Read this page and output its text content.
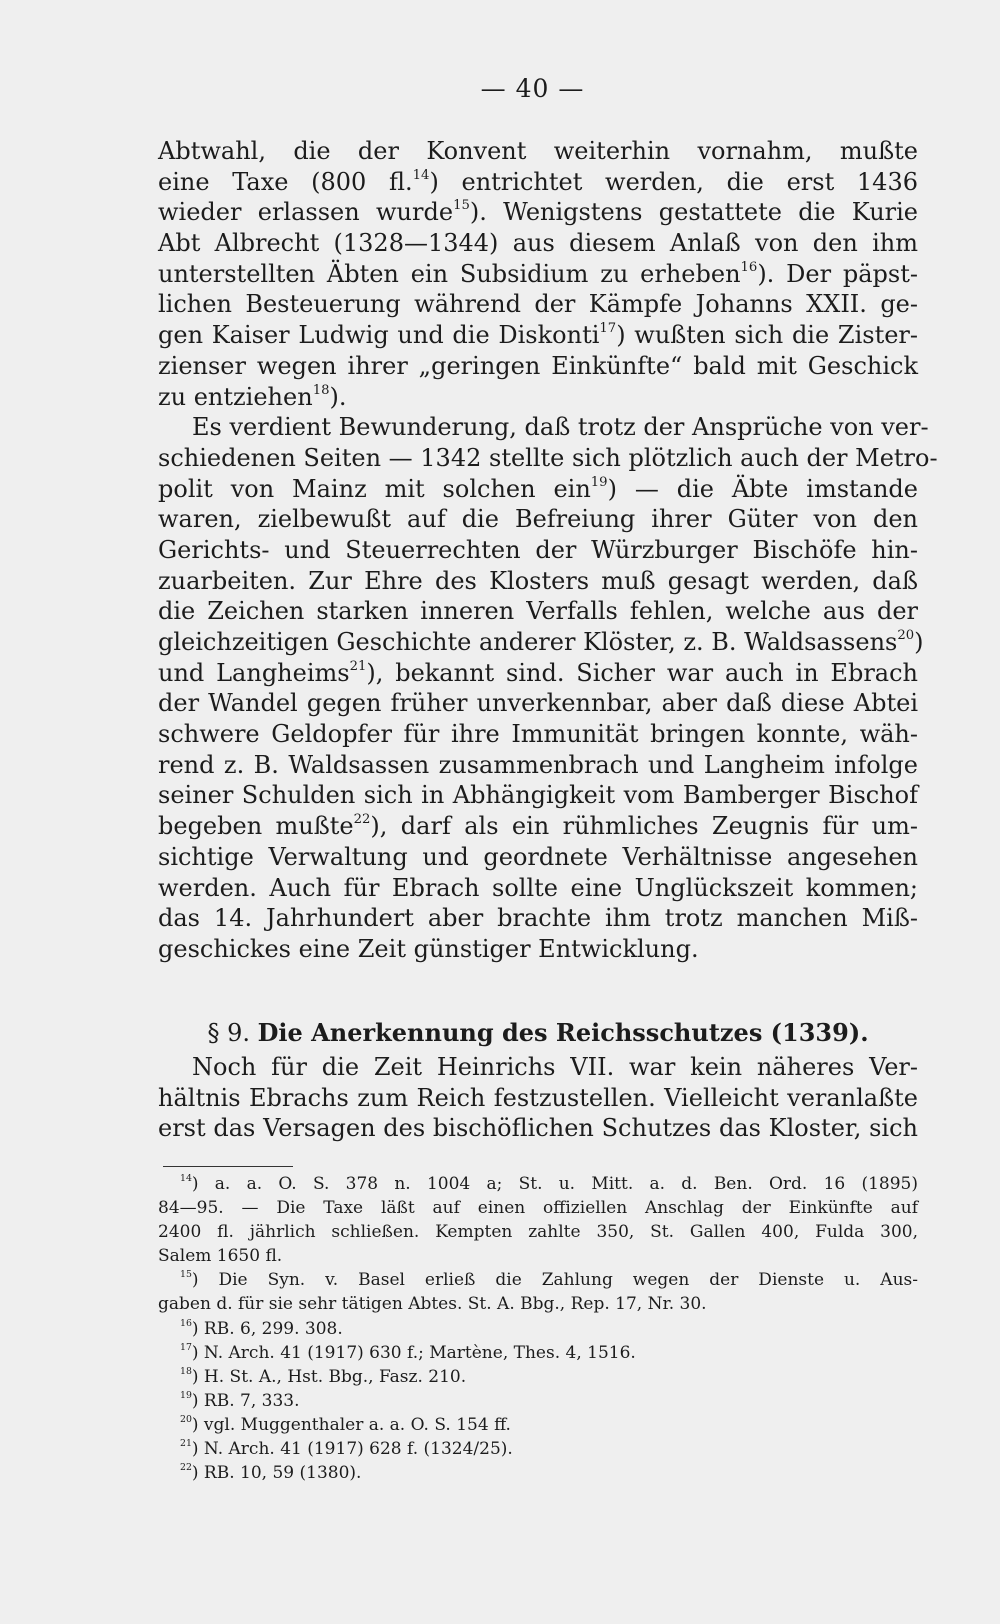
— 40 —
Abtwahl, die der Konvent weiterhin vornahm, mußte
eine Taxe (800 fl.$^{14}$) entrichtet werden, die erst 1436
wieder erlassen wurde$^{15}$). Wenigstens gestattete die Kurie
Abt Albrecht (1328—1344) aus diesem Anlaß von den ihm
unterstellten Äbten ein Subsidium zu erheben$^{16}$). Der päpst-
lichen Besteuerung während der Kämpfe Johanns XXII. ge-
gen Kaiser Ludwig und die Diskonti$^{17}$) wußten sich die Zister-
zienser wegen ihrer „geringen Einkünfte“ bald mit Geschick
zu entziehen$^{18}$).
Es verdient Bewunderung, daß trotz der Ansprüche von ver-
schiedenen Seiten — 1342 stellte sich plötzlich auch der Metro-
polit von Mainz mit solchen ein$^{19}$) — die Äbte imstande
waren, zielbewußt auf die Befreiung ihrer Güter von den
Gerichts- und Steuerrechten der Würzburger Bischöfe hin-
zuarbeiten. Zur Ehre des Klosters muß gesagt werden, daß
die Zeichen starken inneren Verfalls fehlen, welche aus der
gleichzeitigen Geschichte anderer Klöster, z. B. Waldsassens$^{20}$)
und Langheims$^{21}$), bekannt sind. Sicher war auch in Ebrach
der Wandel gegen früher unverkennbar, aber daß diese Abtei
schwere Geldopfer für ihre Immunität bringen konnte, wäh-
rend z. B. Waldsassen zusammenbrach und Langheim infolge
seiner Schulden sich in Abhängigkeit vom Bamberger Bischof
begeben mußte$^{22}$), darf als ein rühmliches Zeugnis für um-
sichtige Verwaltung und geordnete Verhältnisse angesehen
werden. Auch für Ebrach sollte eine Unglückszeit kommen;
das 14. Jahrhundert aber brachte ihm trotz manchen Miß-
geschickes eine Zeit günstiger Entwicklung.
§ 9. Die Anerkennung des Reichsschutzes (1339).
Noch für die Zeit Heinrichs VII. war kein näheres Ver-
hältnis Ebrachs zum Reich festzustellen. Vielleicht veranlaßte
erst das Versagen des bischöflichen Schutzes das Kloster, sich
$^{14}$) a. a. O. S. 378 n. 1004 a; St. u. Mitt. a. d. Ben. Ord. 16 (1895)
84—95. — Die Taxe läßt auf einen offiziellen Anschlag der Einkünfte auf
2400 fl. jährlich schließen. Kempten zahlte 350, St. Gallen 400, Fulda 300,
Salem 1650 fl.
$^{15}$) Die Syn. v. Basel erließ die Zahlung wegen der Dienste u. Aus-
gaben d. für sie sehr tätigen Abtes. St. A. Bbg., Rep. 17, Nr. 30.
$^{16}$) RB. 6, 299. 308.
$^{17}$) N. Arch. 41 (1917) 630 f.; Martène, Thes. 4, 1516.
$^{18}$) H. St. A., Hst. Bbg., Fasz. 210.
$^{19}$) RB. 7, 333.
$^{20}$) vgl. Muggenthaler a. a. O. S. 154 ff.
$^{21}$) N. Arch. 41 (1917) 628 f. (1324/25).
$^{22}$) RB. 10, 59 (1380).
